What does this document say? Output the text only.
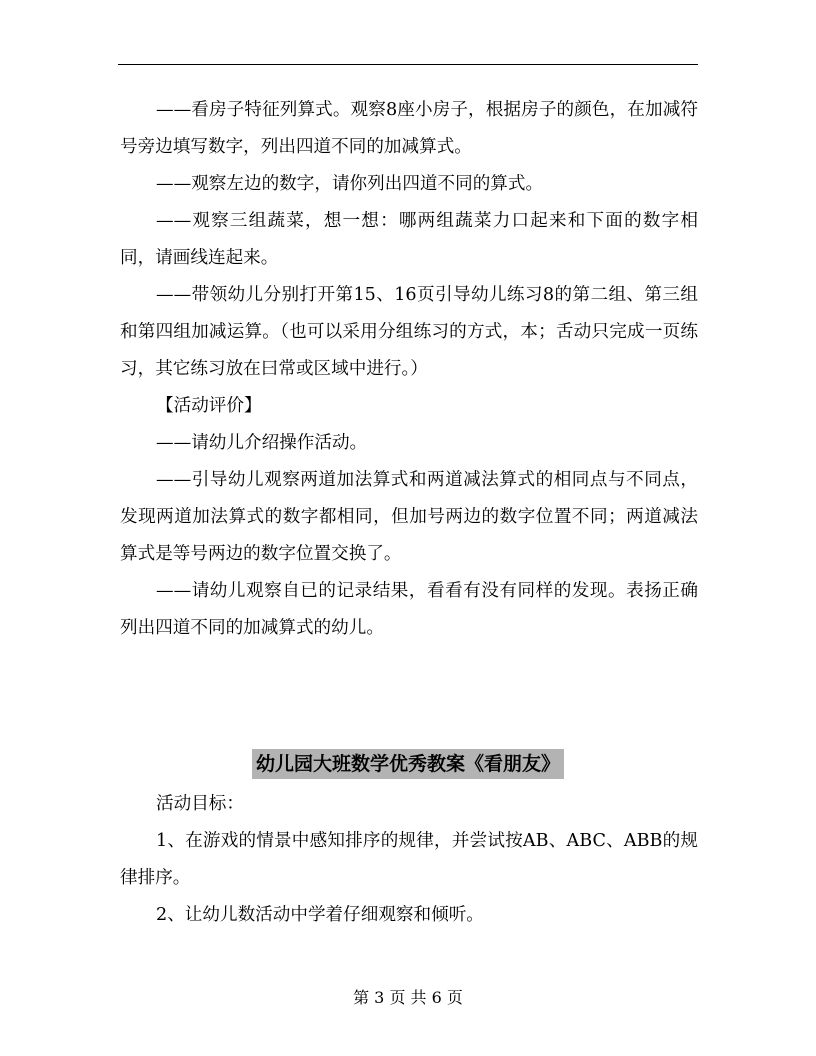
——看房子特征列算式。观察8座小房子，根据房子的颜色，在加减符号旁边填写数字，列出四道不同的加减算式。

——观察左边的数字，请你列出四道不同的算式。

——观察三组蔬菜，想一想：哪两组蔬菜力口起来和下面的数字相同，请画线连起来。

——带领幼儿分别打开第15、16页引导幼儿练习8的第二组、第三组和第四组加减运算。（也可以采用分组练习的方式，本；舌动只完成一页练习，其它练习放在曰常或区域中进行。）

【活动评价】

——请幼儿介绍操作活动。

——引导幼儿观察两道加法算式和两道减法算式的相同点与不同点，发现两道加法算式的数字都相同，但加号两边的数字位置不同；两道减法算式是等号两边的数字位置交换了。

——请幼儿观察自已的记录结果，看看有没有同样的发现。表扬正确列出四道不同的加减算式的幼儿。

幼儿园大班数学优秀教案《看朋友》

活动目标：

1、在游戏的情景中感知排序的规律，并尝试按AB、ABC、ABB的规律排序。

2、让幼儿数活动中学着仔细观察和倾听。

第 3 页 共 6 页
